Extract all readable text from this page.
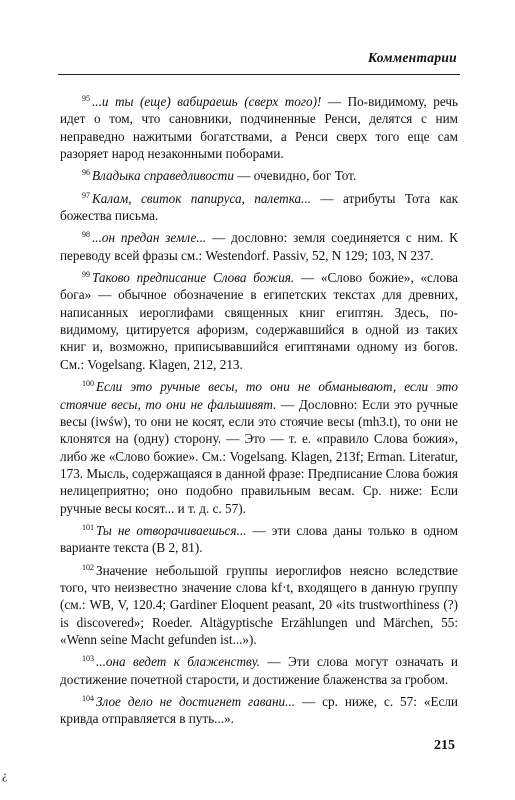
Комментарии

$^{95}$ ...и ты (еще) вабираешь (сверх того)! — По-видимому, речь идет о том, что сановники, подчиненные Ренси, делятся с ним неправедно нажитыми богатствами, а Ренси сверх того еще сам разоряет народ незаконными поборами.

$^{96}$ Владыка справедливости — очевидно, бог Тот.

$^{97}$ Калам, свиток папируса, палетка... — атрибуты Тота как божества письма.

$^{98}$ ...он предан земле... — дословно: земля соединяется с ним. К переводу всей фразы см.: Westendorf. Passiv, 52, N 129; 103, N 237.

$^{99}$ Таково предписание Слова божия. — «Слово божие», «слова бога» — обычное обозначение в египетских текстах для древних, написанных иероглифами священных книг египтян. Здесь, по-видимому, цитируется афоризм, содержавшийся в одной из таких книг и, возможно, приписывавшийся египтянами одному из богов. См.: Vogelsang. Klagen, 212, 213.

$^{100}$ Если это ручные весы, то они не обманывают, если это стоячие весы, то они не фальшивят. — Дословно: Если это ручные весы (iwśw), то они не косят, если это стоячие весы (mh3.t), то они не клонятся на (одну) сторону. — Это — т. е. «правило Слова божия», либо же «Слово божие». См.: Vogelsang. Klagen, 213f; Erman. Literatur, 173. Мысль, содержащаяся в данной фразе: Предписание Слова божия нелицеприятно; оно подобно правильным весам. Ср. ниже: Если ручные весы косят... и т. д. с. 57).

$^{101}$ Ты не отворачиваешься... — эти слова даны только в одном варианте текста (B 2, 81).

$^{102}$ Значение небольшой группы иероглифов неясно вследствие того, что неизвестно значение слова kf·t, входящего в данную группу (см.: WB, V, 120.4; Gardiner Eloquent peasant, 20 «its trustworthiness (?) is discovered»; Roeder. Altägyptische Erzählungen und Märchen, 55: «Wenn seine Macht gefunden ist...»).

$^{103}$ ...она ведет к блаженству. — Эти слова могут означать и достижение почетной старости, и достижение блаженства за гробом.

$^{104}$ Злое дело не достигнет гавани... — ср. ниже, с. 57: «Если кривда отправляется в путь...».

215
¿
